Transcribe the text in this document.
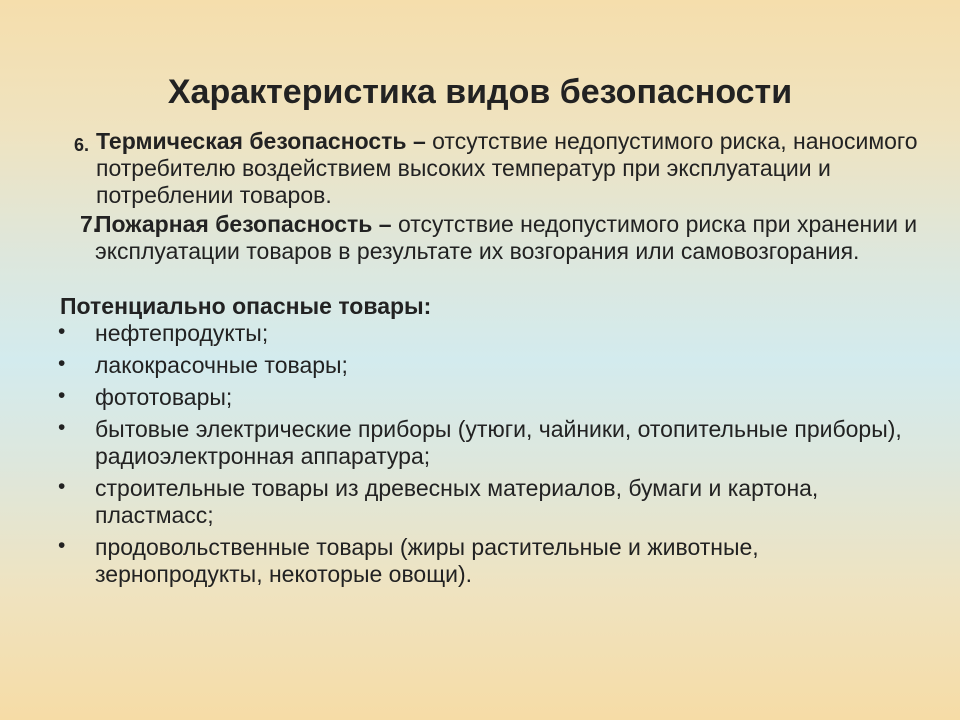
Характеристика видов безопасности
6. Термическая безопасность – отсутствие недопустимого риска, наносимого потребителю воздействием высоких температур при эксплуатации и потреблении товаров.

7.

Пожарная безопасность – отсутствие недопустимого риска при хранении и эксплуатации товаров в результате их возгорания или самовозгорания.

Потенциально опасные товары:
• нефтепродукты;
• лакокрасочные товары;
• фототовары;
• бытовые электрические приборы (утюги, чайники, отопительные приборы), радиоэлектронная аппаратура;
• строительные товары из древесных материалов, бумаги и картона, пластмасс;
• продовольственные товары (жиры растительные и животные, зернопродукты, некоторые овощи).
